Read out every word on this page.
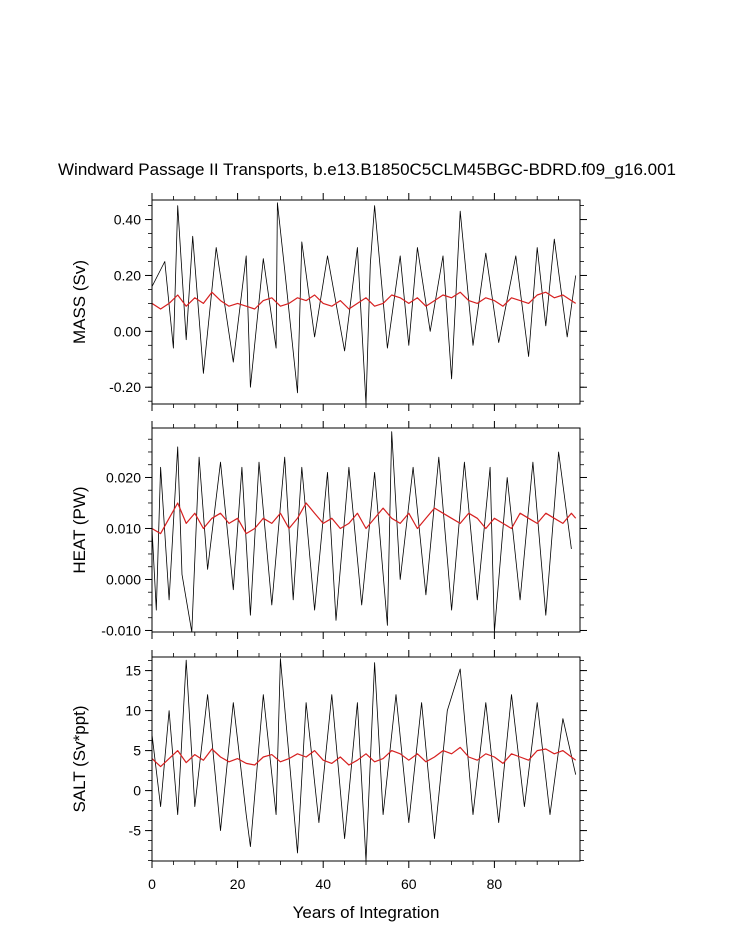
Windward Passage II Transports, b.e13.B1850C5CLM45BGC-BDRD.f09_g16.001
-0.20
0.00
0.20
0.40
MASS (Sv)
-0.010
0.000
0.010
0.020
HEAT (PW)
-5
0
5
10
15
0	20	40	60	80
SALT (Sv*ppt)
Years of Integration
